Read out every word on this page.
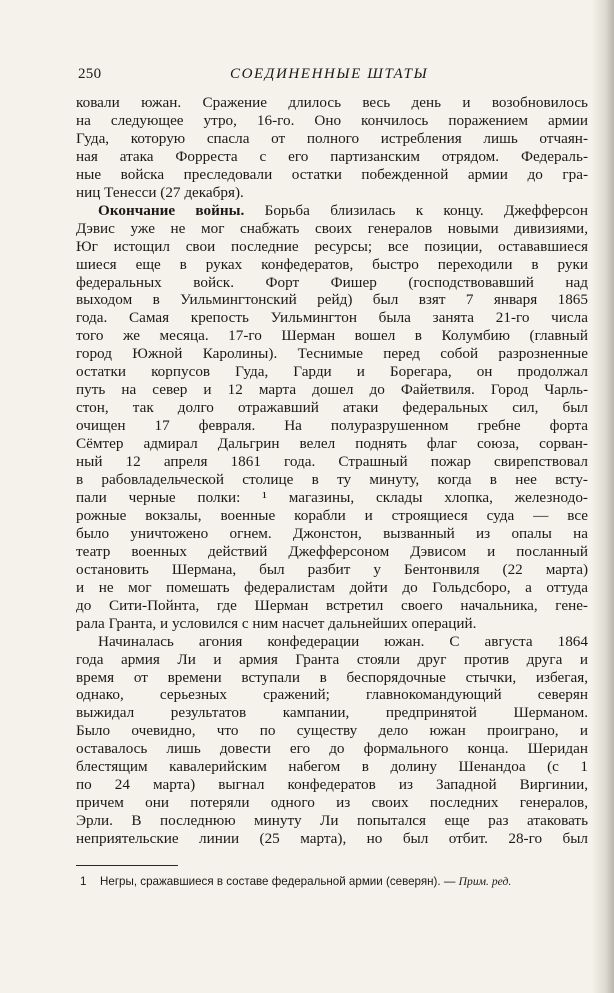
250	СОЕДИНЕННЫЕ ШТАТЫ

ковали южан. Сражение длилось весь день и возобновилось
на следующее утро, 16-го. Оно кончилось поражением армии
Гуда, которую спасла от полного истребления лишь отчаян-
ная атака Форреста с его партизанским отрядом. Федераль-
ные войска преследовали остатки побежденной армии до гра-
ниц Тенесси (27 декабря).

Окончание войны. Борьба близилась к концу. Джефферсон
Дэвис уже не мог снабжать своих генералов новыми дивизиями,
Юг истощил свои последние ресурсы; все позиции, остававшиеся
шиеся еще в руках конфедератов, быстро переходили в руки
федеральных войск. Форт Фишер (господствовавший над
выходом в Уильмингтонский рейд) был взят 7 января 1865
года. Самая крепость Уильмингтон была занята 21-го числа
того же месяца. 17-го Шерман вошел в Колумбию (главный
город Южной Каролины). Теснимые перед собой разрозненные
остатки корпусов Гуда, Гарди и Борегара, он продолжал
путь на север и 12 марта дошел до Файетвиля. Город Чарль-
стон, так долго отражавший атаки федеральных сил, был
очищен 17 февраля. На полуразрушенном гребне форта
Сёмтер адмирал Дальгрин велел поднять флаг союза, сорван-
ный 12 апреля 1861 года. Страшный пожар свирепствовал
в рабовладельческой столице в ту минуту, когда в нее всту-
пали черные полки: ¹ магазины, склады хлопка, железнодо-
рожные вокзалы, военные корабли и строящиеся суда — все
было уничтожено огнем. Джонстон, вызванный из опалы на
театр военных действий Джефферсоном Дэвисом и посланный
остановить Шермана, был разбит у Бентонвиля (22 марта)
и не мог помешать федералистам дойти до Гольдсборо, а оттуда
до Сити-Пойнта, где Шерман встретил своего начальника, гене-
рала Гранта, и условился с ним насчет дальнейших операций.

Начиналась агония конфедерации южан. С августа 1864
года армия Ли и армия Гранта стояли друг против друга и
время от времени вступали в беспорядочные стычки, избегая,
однако, серьезных сражений; главнокомандующий северян
выжидал результатов кампании, предпринятой Шерманом.
Было очевидно, что по существу дело южан проиграно, и
оставалось лишь довести его до формального конца. Шеридан
блестящим кавалерийским набегом в долину Шенандоа (с 1
по 24 марта) выгнал конфедератов из Западной Виргинии,
причем они потеряли одного из своих последних генералов,
Эрли. В последнюю минуту Ли попытался еще раз атаковать
неприятельские линии (25 марта), но был отбит. 28-го был

1 Негры, сражавшиеся в составе федеральной армии (северян). — Прим. ред.
